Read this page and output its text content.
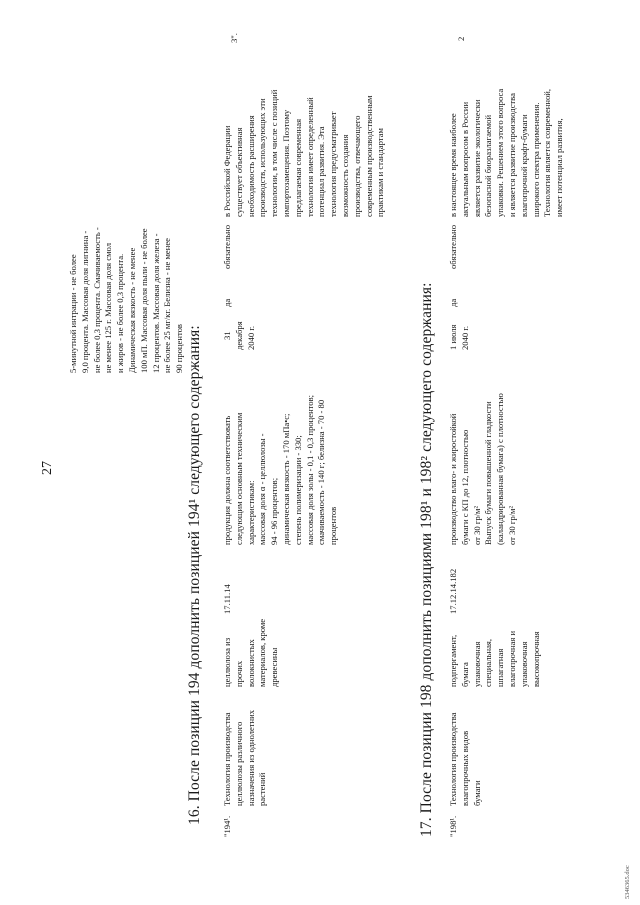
27
5-минутной интрации - не более 9,0 процента. Массовая доля лигнина - не более 0,3 процента. Смачиваемость - не менее 125 г. Массовая доля смол и жиров - не более 0,3 процента. Динамическая вязкость - не менее 100 мП. Массовая доля пыли - не более 12 процентов. Массовая доля железа - не более 25 мг/кг. Белизна - не менее 90 процентов
3".
16. После позиции 194 дополнить позицией 194¹ следующего содержания:
"194¹.
Технология производства целлюлозы различного назначения из однолетних растений
целлюлоза из прочих волокнистых материалов, кроме древесины
17.11.14
продукция должна соответствовать следующим основным техническим характеристикам: массовая доля α - целлюлозы - 94 - 96 процентов; динамическая вязкость - 170 мПа•с; степень полимеризации - 330; массовая доля золы - 0,1 - 0,3 процентов; смачиваемость - 140 г; белизна - 70 - 80 процентов
31 декабря 2040 г.
да
обязательно
в Российской Федерации существует объективная необходимость расширения производств, использующих эти технологии, в том числе с позиций импортозамещения. Поэтому предлагаемая современная технология имеет определенный потенциал развития. Эта технология предусматривает возможность создания производства, отвечающего современным производственным практикам и стандартам
17. После позиции 198 дополнить позициями 198¹ и 198² следующего содержания: "198¹.
Технология производства влагопрочных видов бумаги
подпергамент, бумага упаковочная специальная, шпагатная влагопрочная и упаковочная высокопрочная
17.12.14.182
производство влаго- и жиростойкой бумаги с КП до 12, плотностью от 30 гр/м² Выпуск бумаги повышенной гладкости (каландрированная бумага) с плотностью от 30 гр/м²
1 июля 2040 г.
да
обязательно
в настоящее время наиболее актуальным вопросом в России является развитие экологически безопасной биоразлагаемой упаковки. Решением этого вопроса и является развитие производства влагопрочной крафт-бумаги широкого спектра применения. Технология является современной, имеет потенциал развития,
2
5346365.doc
